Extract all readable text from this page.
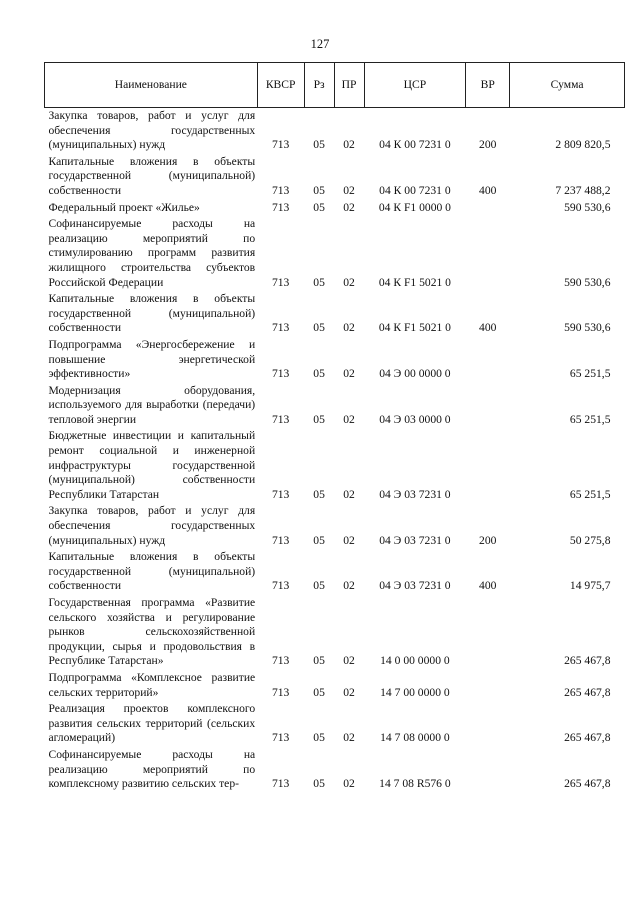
127
Наименование	КВСР	Рз	ПР	ЦСР	ВР	Сумма
Закупка товаров, работ и услуг для обеспечения государственных (муниципальных) нужд	713	05	02	04 К 00 7231 0	200	2 809 820,5
Капитальные вложения в объекты государственной (муниципальной) собственности	713	05	02	04 К 00 7231 0	400	7 237 488,2
Федеральный проект «Жилье»	713	05	02	04 К F1 0000 0		590 530,6
Софинансируемые расходы на реализацию мероприятий по стимулированию программ развития жилищного строительства субъектов Российской Федерации	713	05	02	04 К F1 5021 0		590 530,6
Капитальные вложения в объекты государственной (муниципальной) собственности	713	05	02	04 К F1 5021 0	400	590 530,6
Подпрограмма «Энергосбережение и повышение энергетической эффективности»	713	05	02	04 Э 00 0000 0		65 251,5
Модернизация оборудования, используемого для выработки (передачи) тепловой энергии	713	05	02	04 Э 03 0000 0		65 251,5
Бюджетные инвестиции и капитальный ремонт социальной и инженерной инфраструктуры государственной (муниципальной) собственности Республики Татарстан	713	05	02	04 Э 03 7231 0		65 251,5
Закупка товаров, работ и услуг для обеспечения государственных (муниципальных) нужд	713	05	02	04 Э 03 7231 0	200	50 275,8
Капитальные вложения в объекты государственной (муниципальной) собственности	713	05	02	04 Э 03 7231 0	400	14 975,7
Государственная программа «Развитие сельского хозяйства и регулирование рынков сельскохозяйственной продукции, сырья и продовольствия в Республике Татарстан»	713	05	02	14 0 00 0000 0		265 467,8
Подпрограмма «Комплексное развитие сельских территорий»	713	05	02	14 7 00 0000 0		265 467,8
Реализация проектов комплексного развития сельских территорий (сельских агломераций)	713	05	02	14 7 08 0000 0		265 467,8
Софинансируемые расходы на реализацию мероприятий по комплексному развитию сельских тер-	713	05	02	14 7 08 R576 0		265 467,8
